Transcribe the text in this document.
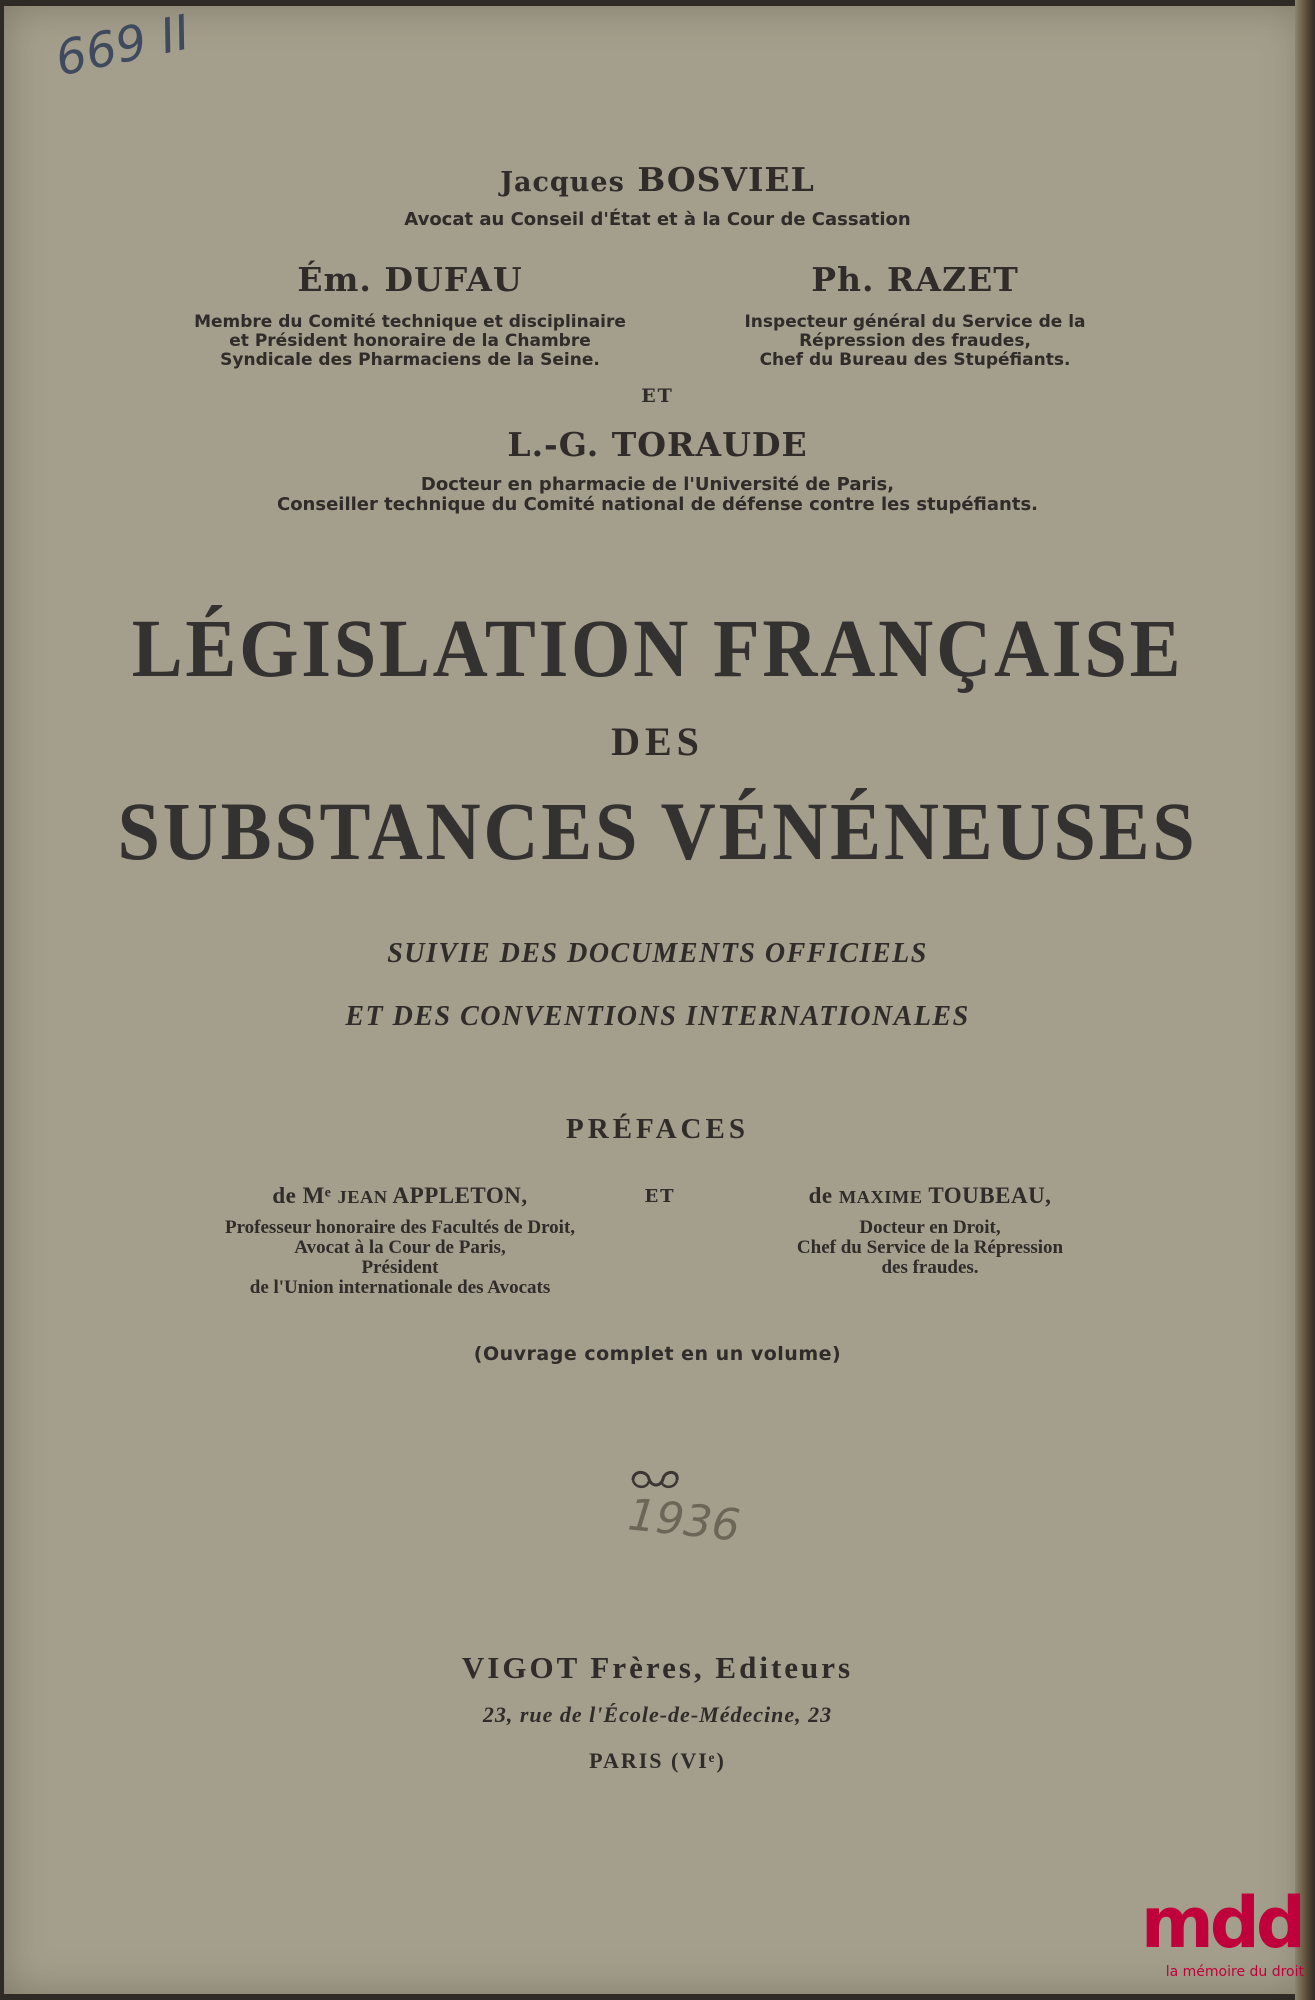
669 II

Jacques BOSVIEL

Avocat au Conseil d'État et à la Cour de Cassation

Ém. DUFAU

Membre du Comité technique et disciplinaire
et Président honoraire de la Chambre
Syndicale des Pharmaciens de la Seine.

Ph. RAZET

Inspecteur général du Service de la
Répression des fraudes,
Chef du Bureau des Stupéfiants.

ET

L.-G. TORAUDE

Docteur en pharmacie de l'Université de Paris,
Conseiller technique du Comité national de défense contre les stupéfiants.

LÉGISLATION FRANÇAISE

DES

SUBSTANCES VÉNÉNEUSES

SUIVIE DES DOCUMENTS OFFICIELS

ET DES CONVENTIONS INTERNATIONALES

PRÉFACES

de Mᵉ JEAN APPLETON,

Professeur honoraire des Facultés de Droit,
Avocat à la Cour de Paris,
Président
de l'Union internationale des Avocats

ET	de MAXIME TOUBEAU,

Docteur en Droit,
Chef du Service de la Répression
des fraudes.

(Ouvrage complet en un volume)

1936

VIGOT Frères, Editeurs

23, rue de l'École-de-Médecine, 23

PARIS (VIᵉ)

mdd
la mémoire du droit
